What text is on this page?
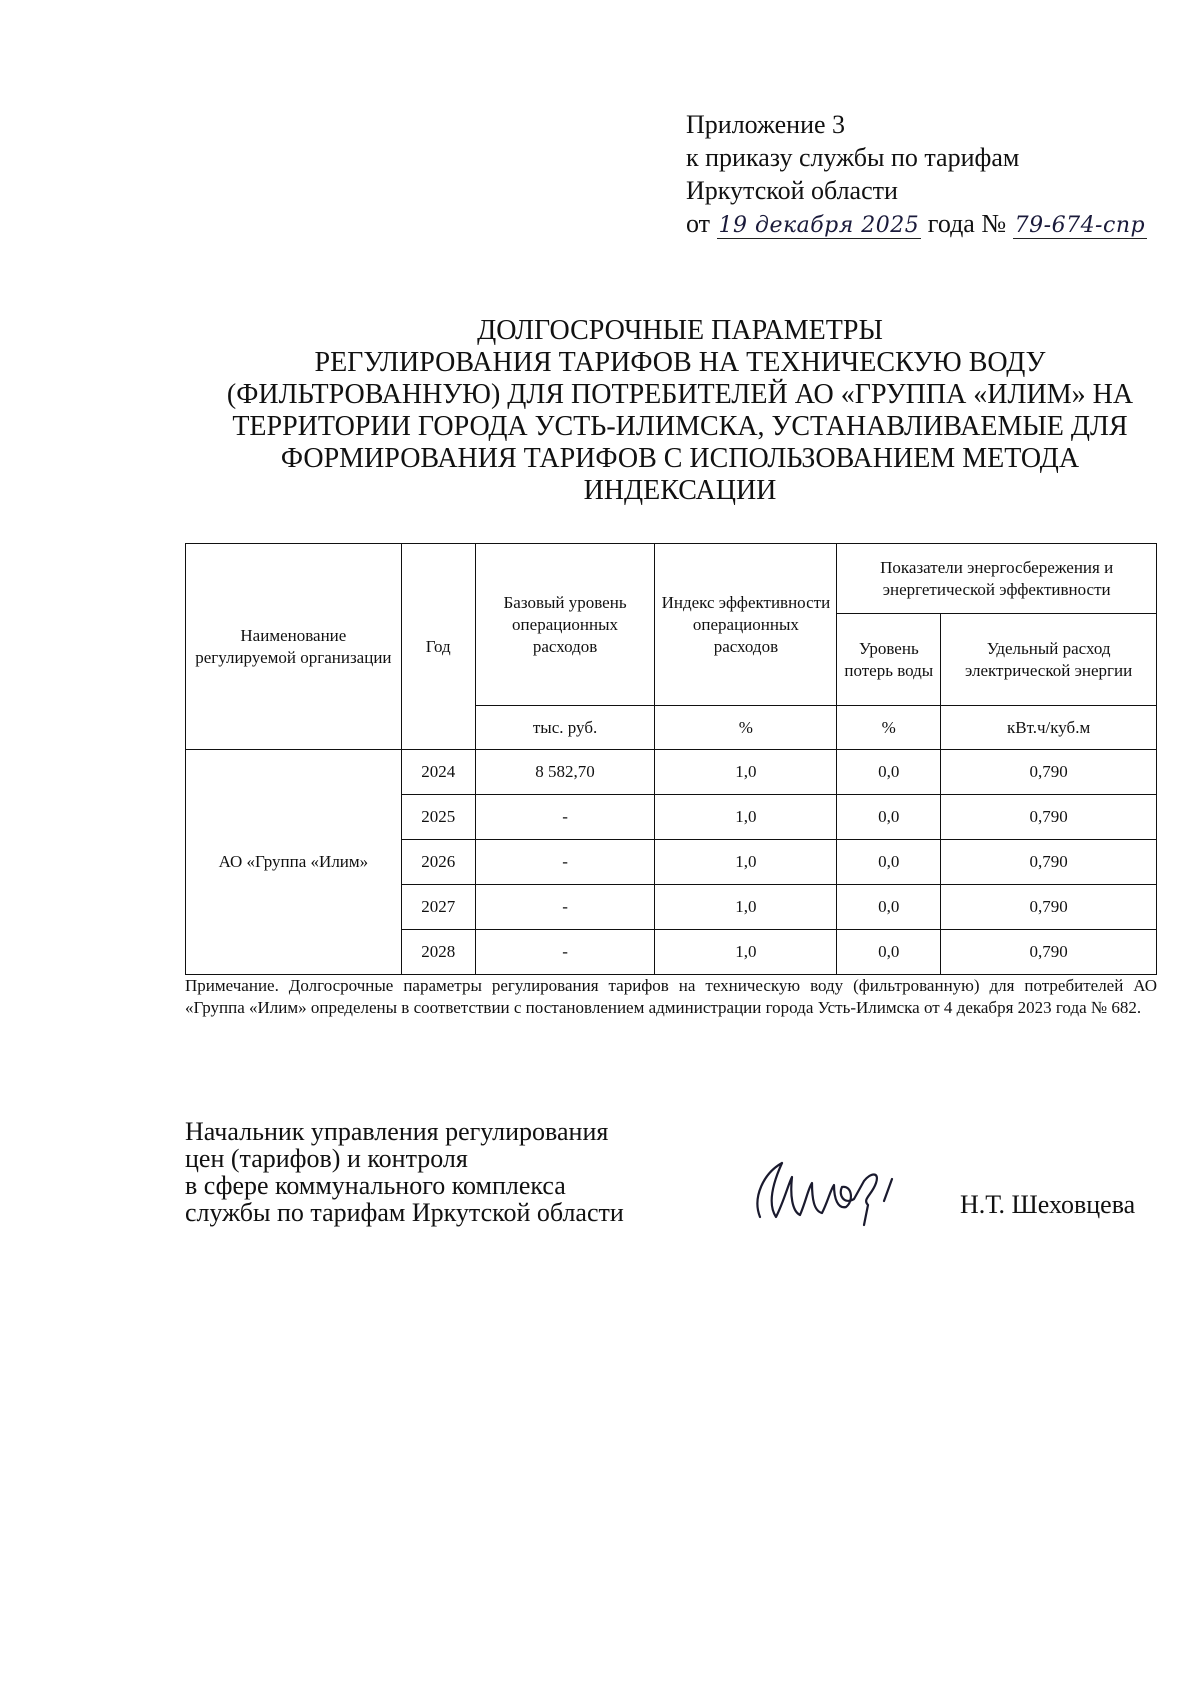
Приложение 3
к приказу службы по тарифам
Иркутской области
от 19 декабря 2025 года № 79-674-спр
ДОЛГОСРОЧНЫЕ ПАРАМЕТРЫ
РЕГУЛИРОВАНИЯ ТАРИФОВ НА ТЕХНИЧЕСКУЮ ВОДУ
(ФИЛЬТРОВАННУЮ) ДЛЯ ПОТРЕБИТЕЛЕЙ АО «ГРУППА «ИЛИМ» НА
ТЕРРИТОРИИ ГОРОДА УСТЬ-ИЛИМСКА, УСТАНАВЛИВАЕМЫЕ ДЛЯ
ФОРМИРОВАНИЯ ТАРИФОВ С ИСПОЛЬЗОВАНИЕМ МЕТОДА
ИНДЕКСАЦИИ
Наименование регулируемой организации	Год	Базовый уровень операционных расходов	Индекс эффективности операционных расходов	Показатели энергосбережения и энергетической эффективности	
				Уровень потерь воды	Удельный расход электрической энергии
		тыс. руб.	%	%	кВт.ч/куб.м
АО «Группа «Илим»	2024	8 582,70	1,0	0,0	0,790
	2025	-	1,0	0,0	0,790
	2026	-	1,0	0,0	0,790
	2027	-	1,0	0,0	0,790
	2028	-	1,0	0,0	0,790
Примечание. Долгосрочные параметры регулирования тарифов на техническую воду (фильтрованную) для потребителей АО «Группа «Илим» определены в соответствии с постановлением администрации города Усть-Илимска от 4 декабря 2023 года № 682.
Начальник управления регулирования
цен (тарифов) и контроля
в сфере коммунального комплекса
службы по тарифам Иркутской области	Н.Т. Шеховцева
